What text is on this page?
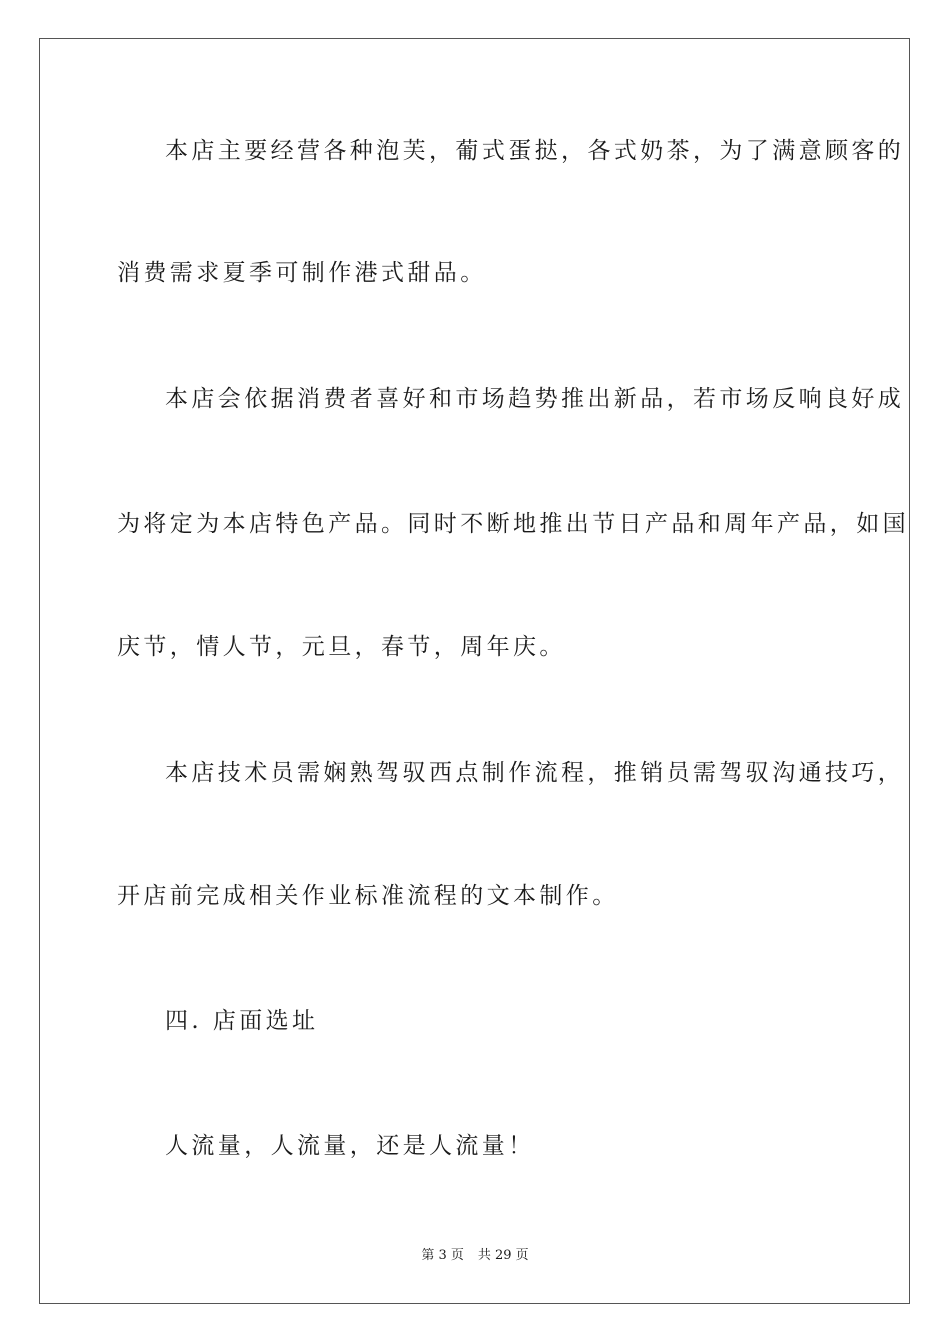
本店主要经营各种泡芙，葡式蛋挞，各式奶茶，为了满意顾客的
消费需求夏季可制作港式甜品。
本店会依据消费者喜好和市场趋势推出新品，若市场反响良好成
为将定为本店特色产品。同时不断地推出节日产品和周年产品，如国
庆节，情人节，元旦，春节，周年庆。
本店技术员需娴熟驾驭西点制作流程，推销员需驾驭沟通技巧，
开店前完成相关作业标准流程的文本制作。
四. 店面选址
人流量，人流量，还是人流量！
第 3 页 共 29 页
